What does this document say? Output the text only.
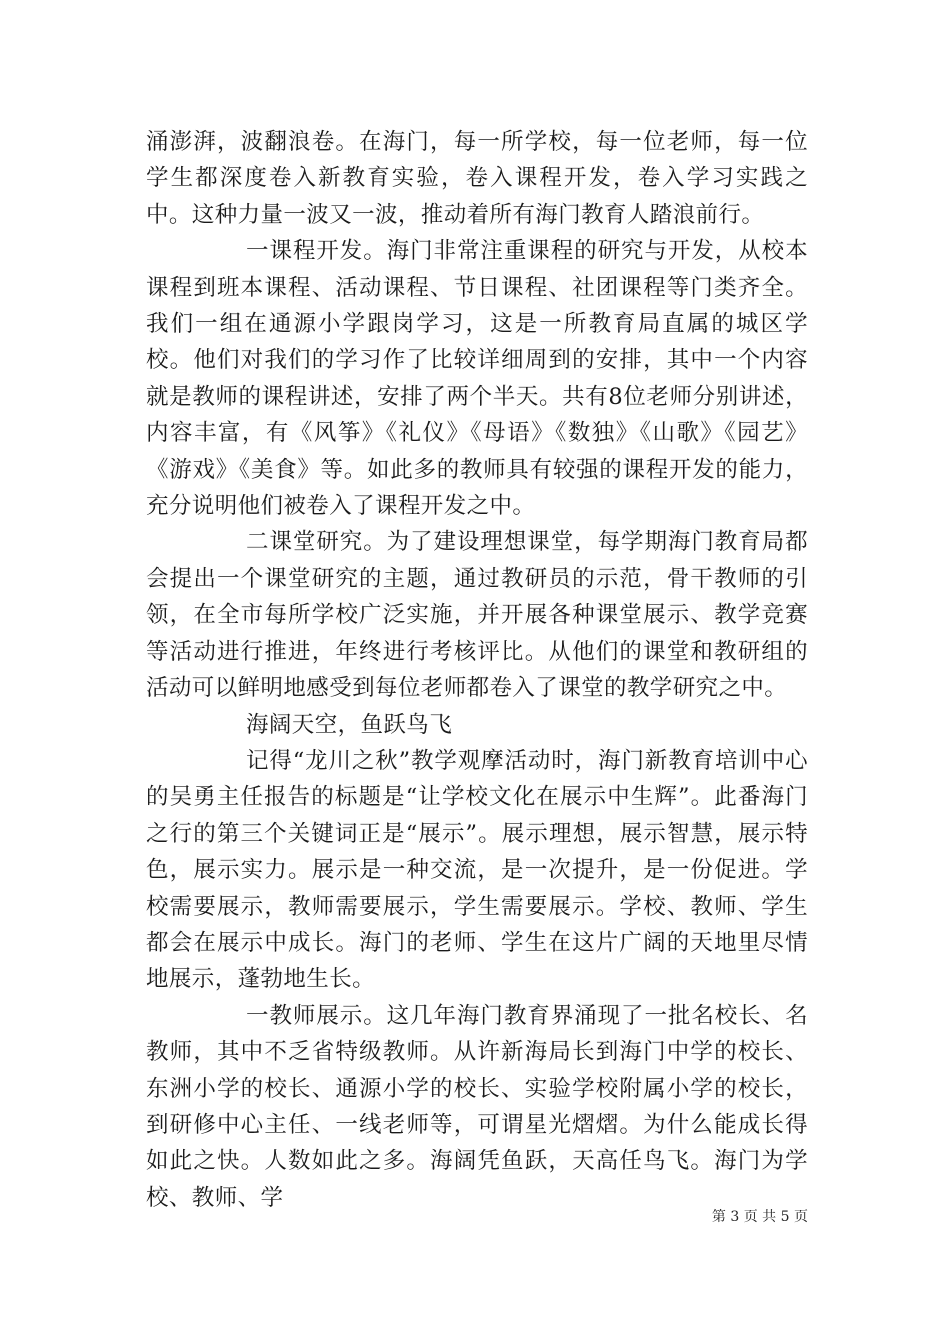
涌澎湃，波翻浪卷。在海门，每一所学校，每一位老师，每一位学生都深度卷入新教育实验，卷入课程开发，卷入学习实践之中。这种力量一波又一波，推动着所有海门教育人踏浪前行。

一课程开发。海门非常注重课程的研究与开发，从校本课程到班本课程、活动课程、节日课程、社团课程等门类齐全。我们一组在通源小学跟岗学习，这是一所教育局直属的城区学校。他们对我们的学习作了比较详细周到的安排，其中一个内容就是教师的课程讲述，安排了两个半天。共有8位老师分别讲述，内容丰富，有《风筝》《礼仪》《母语》《数独》《山歌》《园艺》《游戏》《美食》等。如此多的教师具有较强的课程开发的能力，充分说明他们被卷入了课程开发之中。

二课堂研究。为了建设理想课堂，每学期海门教育局都会提出一个课堂研究的主题，通过教研员的示范，骨干教师的引领，在全市每所学校广泛实施，并开展各种课堂展示、教学竞赛等活动进行推进，年终进行考核评比。从他们的课堂和教研组的活动可以鲜明地感受到每位老师都卷入了课堂的教学研究之中。

海阔天空，鱼跃鸟飞

记得“龙川之秋”教学观摩活动时，海门新教育培训中心的吴勇主任报告的标题是“让学校文化在展示中生辉”。此番海门之行的第三个关键词正是“展示”。展示理想，展示智慧，展示特色，展示实力。展示是一种交流，是一次提升，是一份促进。学校需要展示，教师需要展示，学生需要展示。学校、教师、学生都会在展示中成长。海门的老师、学生在这片广阔的天地里尽情地展示，蓬勃地生长。

一教师展示。这几年海门教育界涌现了一批名校长、名教师，其中不乏省特级教师。从许新海局长到海门中学的校长、东洲小学的校长、通源小学的校长、实验学校附属小学的校长，到研修中心主任、一线老师等，可谓星光熠熠。为什么能成长得如此之快。人数如此之多。海阔凭鱼跃，天高任鸟飞。海门为学校、教师、学

第 3 页 共 5 页
